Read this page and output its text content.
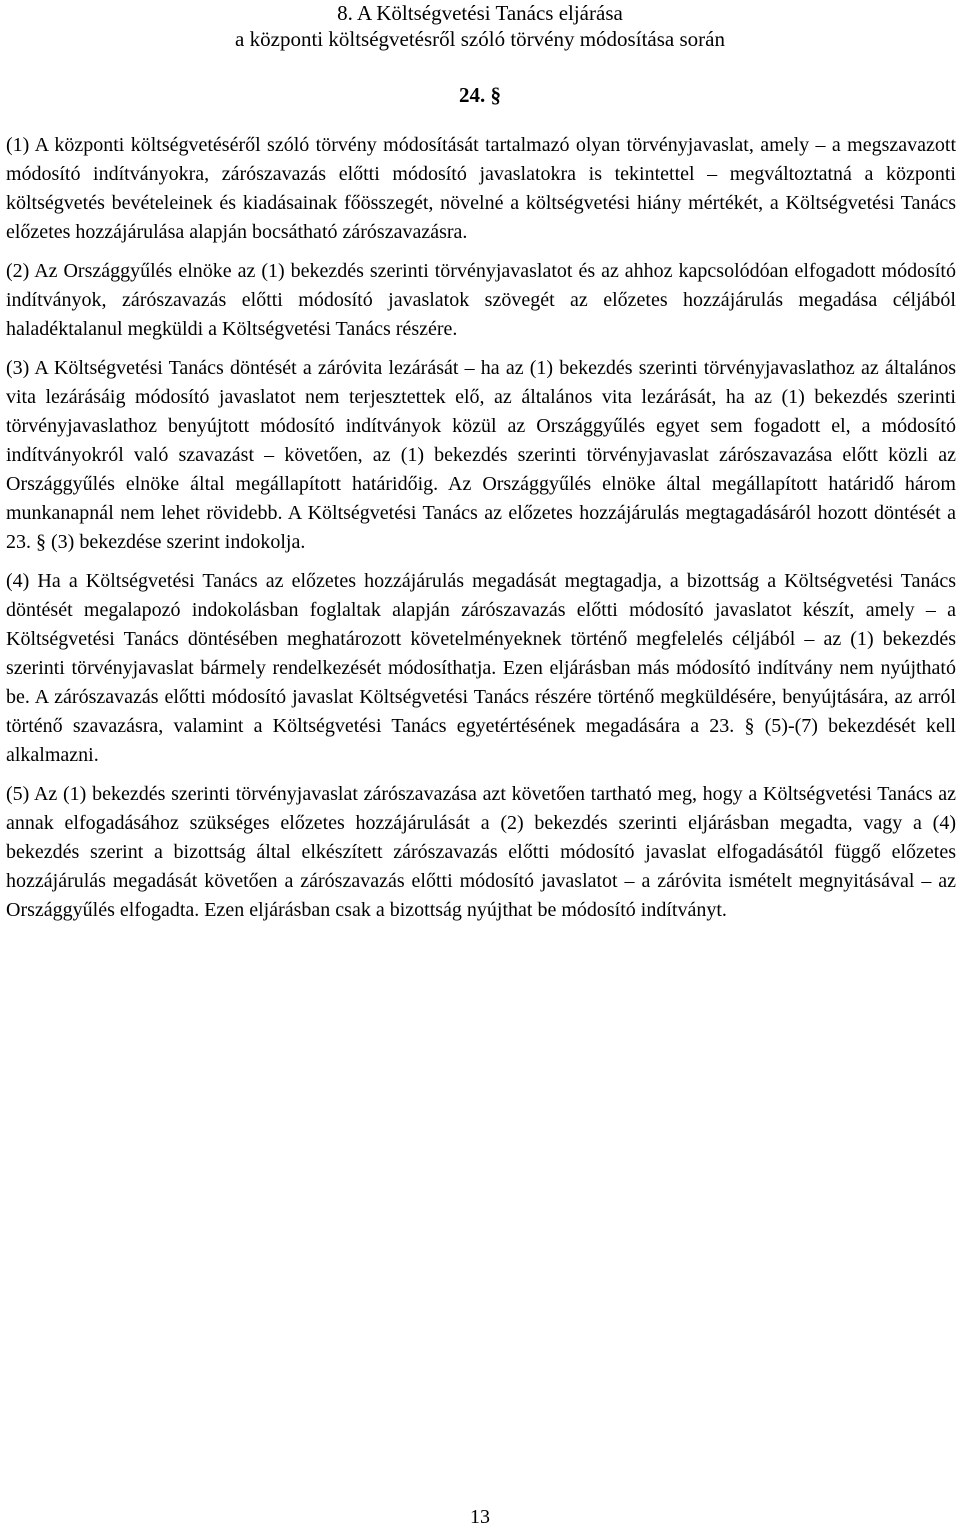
8. A Költségvetési Tanács eljárása
a központi költségvetésről szóló törvény módosítása során
24. §

(1) A központi költségvetéséről szóló törvény módosítását tartalmazó olyan törvényjavaslat, amely – a megszavazott módosító indítványokra, zárószavazás előtti módosító javaslatokra is tekintettel – megváltoztatná a központi költségvetés bevételeinek és kiadásainak főösszegét, növelné a költségvetési hiány mértékét, a Költségvetési Tanács előzetes hozzájárulása alapján bocsátható zárószavazásra.

(2) Az Országgyűlés elnöke az (1) bekezdés szerinti törvényjavaslatot és az ahhoz kapcsolódóan elfogadott módosító indítványok, zárószavazás előtti módosító javaslatok szövegét az előzetes hozzájárulás megadása céljából haladéktalanul megküldi a Költségvetési Tanács részére.

(3) A Költségvetési Tanács döntését a záróvita lezárását – ha az (1) bekezdés szerinti törvényjavaslathoz az általános vita lezárásáig módosító javaslatot nem terjesztettek elő, az általános vita lezárását, ha az (1) bekezdés szerinti törvényjavaslathoz benyújtott módosító indítványok közül az Országgyűlés egyet sem fogadott el, a módosító indítványokról való szavazást – követően, az (1) bekezdés szerinti törvényjavaslat zárószavazása előtt közli az Országgyűlés elnöke által megállapított határidőig. Az Országgyűlés elnöke által megállapított határidő három munkanapnál nem lehet rövidebb. A Költségvetési Tanács az előzetes hozzájárulás megtagadásáról hozott döntését a 23. § (3) bekezdése szerint indokolja.

(4) Ha a Költségvetési Tanács az előzetes hozzájárulás megadását megtagadja, a bizottság a Költségvetési Tanács döntését megalapozó indokolásban foglaltak alapján zárószavazás előtti módosító javaslatot készít, amely – a Költségvetési Tanács döntésében meghatározott követelményeknek történő megfelelés céljából – az (1) bekezdés szerinti törvényjavaslat bármely rendelkezését módosíthatja. Ezen eljárásban más módosító indítvány nem nyújtható be. A zárószavazás előtti módosító javaslat Költségvetési Tanács részére történő megküldésére, benyújtására, az arról történő szavazásra, valamint a Költségvetési Tanács egyetértésének megadására a 23. § (5)-(7) bekezdését kell alkalmazni.

(5) Az (1) bekezdés szerinti törvényjavaslat zárószavazása azt követően tartható meg, hogy a Költségvetési Tanács az annak elfogadásához szükséges előzetes hozzájárulását a (2) bekezdés szerinti eljárásban megadta, vagy a (4) bekezdés szerint a bizottság által elkészített zárószavazás előtti módosító javaslat elfogadásától függő előzetes hozzájárulás megadását követően a zárószavazás előtti módosító javaslatot – a záróvita ismételt megnyitásával – az Országgyűlés elfogadta. Ezen eljárásban csak a bizottság nyújthat be módosító indítványt.

13
